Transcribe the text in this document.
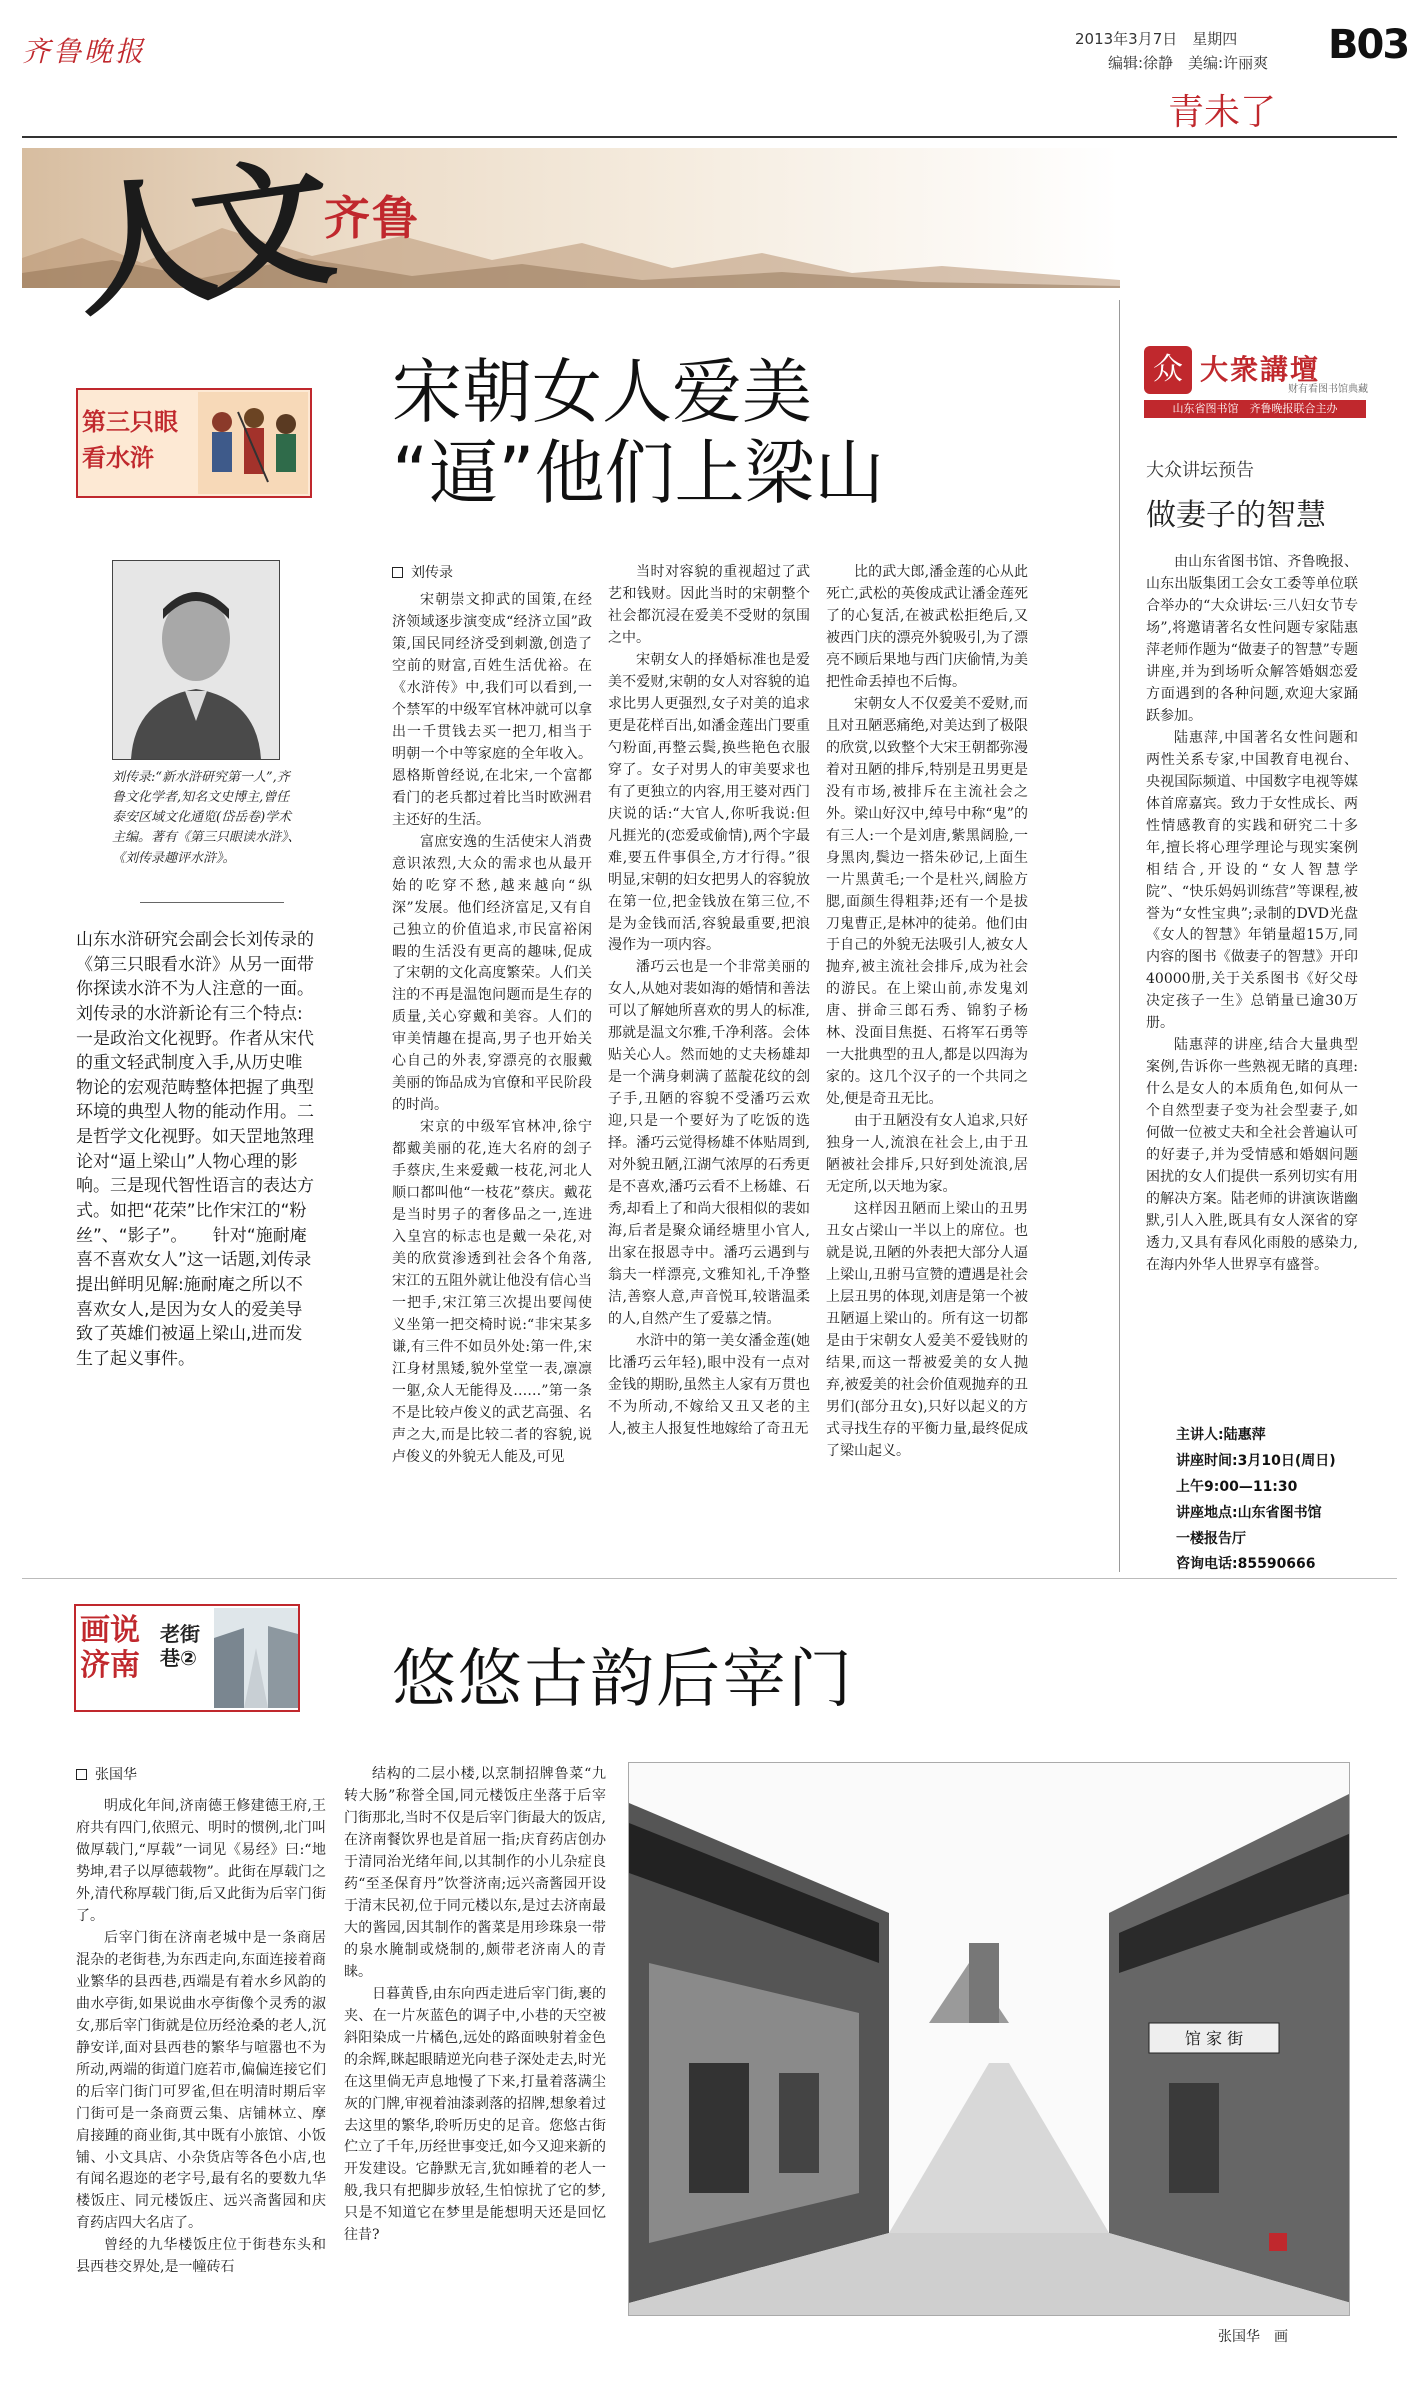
齐鲁晚报	2013年3月7日　星期四
编辑:徐静　美编:许丽爽 B03
青未了
人文 齐鲁
第三只眼
看水浒
刘传录:“新水浒研究第一人”,齐鲁文化学者,知名文史博主,曾任泰安区域文化通览(岱岳卷)学术主编。著有《第三只眼读水浒》、《刘传录趣评水浒》。
山东水浒研究会副会长刘传录的《第三只眼看水浒》从另一面带你探读水浒不为人注意的一面。刘传录的水浒新论有三个特点:一是政治文化视野。作者从宋代的重文轻武制度入手,从历史唯物论的宏观范畴整体把握了典型环境的典型人物的能动作用。二是哲学文化视野。如天罡地煞理论对“逼上梁山”人物心理的影响。三是现代智性语言的表达方式。如把“花荣”比作宋江的“粉丝”、“影子”。　　针对“施耐庵喜不喜欢女人”这一话题,刘传录提出鲜明见解:施耐庵之所以不喜欢女人,是因为女人的爱美导致了英雄们被逼上梁山,进而发生了起义事件。
宋朝女人爱美
“逼”他们上梁山
刘传录

宋朝崇文抑武的国策,在经济领域逐步演变成“经济立国”政策,国民同经济受到刺激,创造了空前的财富,百姓生活优裕。在《水浒传》中,我们可以看到,一个禁军的中级军官林冲就可以拿出一千贯钱去买一把刀,相当于明朝一个中等家庭的全年收入。恩格斯曾经说,在北宋,一个富都看门的老兵都过着比当时欧洲君主还好的生活。

富庶安逸的生活使宋人消费意识浓烈,大众的需求也从最开始的吃穿不愁,越来越向“纵深”发展。他们经济富足,又有自己独立的价值追求,市民富裕闲暇的生活没有更高的趣味,促成了宋朝的文化高度繁荣。人们关注的不再是温饱问题而是生存的质量,关心穿戴和美容。人们的审美情趣在提高,男子也开始关心自己的外表,穿漂亮的衣服戴美丽的饰品成为官僚和平民阶段的时尚。

宋京的中级军官林冲,徐宁都戴美丽的花,连大名府的刽子手蔡庆,生来爱戴一枝花,河北人顺口都叫他“一枝花”蔡庆。戴花是当时男子的奢侈品之一,连进入皇宫的标志也是戴一朵花,对美的欣赏渗透到社会各个角落,宋江的五阻外就让他没有信心当一把手,宋江第三次提出要闯使义坐第一把交椅时说:“非宋某多谦,有三件不如员外处:第一件,宋江身材黑矮,貌外堂堂一表,凛凛一躯,众人无能得及……”第一条不是比较卢俊义的武艺高强、名声之大,而是比较二者的容貌,说卢俊义的外貌无人能及,可见

当时对容貌的重视超过了武艺和钱财。因此当时的宋朝整个社会都沉浸在爱美不受财的氛围之中。

宋朝女人的择婚标准也是爱美不爱财,宋朝的女人对容貌的追求比男人更强烈,女子对美的追求更是花样百出,如潘金莲出门要重勺粉面,再整云鬓,换些艳色衣服穿了。女子对男人的审美要求也有了更独立的内容,用王婆对西门庆说的话:“大官人,你听我说:但凡捱光的(恋爱或偷情),两个字最难,要五件事俱全,方才行得。”很明显,宋朝的妇女把男人的容貌放在第一位,把金钱放在第三位,不是为金钱而活,容貌最重要,把浪漫作为一项内容。

潘巧云也是一个非常美丽的女人,从她对裴如海的婚情和善法可以了解她所喜欢的男人的标准,那就是温文尔雅,千净利落。会体贴关心人。然而她的丈夫杨雄却是一个满身刺满了蓝靛花纹的刽子手,丑陋的容貌不受潘巧云欢迎,只是一个要好为了吃饭的选择。潘巧云觉得杨雄不体贴周到,对外貌丑陋,江湖气浓厚的石秀更是不喜欢,潘巧云看不上杨雄、石秀,却看上了和尚大很相似的裴如海,后者是聚众诵经塘里小官人,出家在报恩寺中。潘巧云遇到与翁夫一样漂亮,文雅知礼,千净整洁,善察人意,声音悦耳,较谐温柔的人,自然产生了爱慕之情。

水浒中的第一美女潘金莲(她比潘巧云年轻),眼中没有一点对金钱的期盼,虽然主人家有万贯也不为所动,不嫁给又丑又老的主人,被主人报复性地嫁给了奇丑无

比的武大郎,潘金莲的心从此死亡,武松的英俊成武让潘金莲死了的心复活,在被武松拒绝后,又被西门庆的漂亮外貌吸引,为了漂亮不顾后果地与西门庆偷情,为美把性命丢掉也不后悔。

宋朝女人不仅爱美不爱财,而且对丑陋恶痛绝,对美达到了极限的欣赏,以致整个大宋王朝都弥漫着对丑陋的排斥,特别是丑男更是没有市场,被排斥在主流社会之外。梁山好汉中,绰号中称“鬼”的有三人:一个是刘唐,紫黑阔脸,一身黑肉,鬓边一搭朱砂记,上面生一片黑黄毛;一个是杜兴,阔脸方腮,面颜生得粗莽;还有一个是拔刀鬼曹正,是林冲的徒弟。他们由于自己的外貌无法吸引人,被女人抛弃,被主流社会排斥,成为社会的游民。在上梁山前,赤发鬼刘唐、拼命三郎石秀、锦豹子杨林、没面目焦挺、石将军石勇等一大批典型的丑人,都是以四海为家的。这几个汉子的一个共同之处,便是奇丑无比。

由于丑陋没有女人追求,只好独身一人,流浪在社会上,由于丑陋被社会排斥,只好到处流浪,居无定所,以天地为家。

这样因丑陋而上梁山的丑男丑女占梁山一半以上的席位。也就是说,丑陋的外表把大部分人逼上梁山,丑驸马宣赞的遭遇是社会上层丑男的体现,刘唐是第一个被丑陋逼上梁山的。所有这一切都是由于宋朝女人爱美不爱钱财的结果,而这一帮被爱美的女人抛弃,被爱美的社会价值观抛弃的丑男们(部分丑女),只好以起义的方式寻找生存的平衡力量,最终促成了梁山起义。

众 大衆講壇
财有看图书馆典藏
山东省图书馆　齐鲁晚报联合主办
大众讲坛预告
做妻子的智慧

由山东省图书馆、齐鲁晚报、山东出版集团工会女工委等单位联合举办的“大众讲坛·三八妇女节专场”,将邀请著名女性问题专家陆惠萍老师作题为“做妻子的智慧”专题讲座,并为到场听众解答婚姻恋爱方面遇到的各种问题,欢迎大家踊跃参加。

陆惠萍,中国著名女性问题和两性关系专家,中国教育电视台、央视国际频道、中国数字电视等媒体首席嘉宾。致力于女性成长、两性情感教育的实践和研究二十多年,擅长将心理学理论与现实案例相结合,开设的“女人智慧学院”、“快乐妈妈训练营”等课程,被誉为“女性宝典”;录制的DVD光盘《女人的智慧》年销量超15万,同内容的图书《做妻子的智慧》开印40000册,关于关系图书《好父母决定孩子一生》总销量已逾30万册。

陆惠萍的讲座,结合大量典型案例,告诉你一些熟视无睹的真理:什么是女人的本质角色,如何从一个自然型妻子变为社会型妻子,如何做一位被丈夫和全社会普遍认可的好妻子,并为受情感和婚姻问题困扰的女人们提供一系列切实有用的解决方案。陆老师的讲演诙谐幽默,引人入胜,既具有女人深省的穿透力,又具有春风化雨般的感染力,在海内外华人世界享有盛誉。

主讲人:陆惠萍
讲座时间:3月10日(周日)
上午9:00—11:30
讲座地点:山东省图书馆
一楼报告厅
咨询电话:85590666
画说
济南
老街
巷②	悠悠古韵后宰门
张国华

明成化年间,济南德王修建德王府,王府共有四门,依照元、明时的惯例,北门叫做厚载门,“厚载”一词见《易经》曰:“地势坤,君子以厚德载物”。此街在厚载门之外,清代称厚载门街,后又此街为后宰门街了。

后宰门街在济南老城中是一条商居混杂的老街巷,为东西走向,东面连接着商业繁华的县西巷,西端是有着水乡风韵的曲水亭街,如果说曲水亭街像个灵秀的淑女,那后宰门街就是位历经沧桑的老人,沉静安详,面对县西巷的繁华与喧嚣也不为所动,两端的街道门庭若市,偏偏连接它们的后宰门街门可罗雀,但在明清时期后宰门街可是一条商贾云集、店铺林立、摩肩接踵的商业街,其中既有小旅馆、小饭铺、小文具店、小杂货店等各色小店,也有闻名遐迩的老字号,最有名的要数九华楼饭庄、同元楼饭庄、远兴斋酱园和庆育药店四大名店了。

曾经的九华楼饭庄位于街巷东头和县西巷交界处,是一幢砖石

结构的二层小楼,以烹制招牌鲁菜“九转大肠”称誉全国,同元楼饭庄坐落于后宰门街那北,当时不仅是后宰门街最大的饭店,在济南餐饮界也是首屈一指;庆育药店创办于清同治光绪年间,以其制作的小儿杂症良药“至圣保育丹”饮誉济南;远兴斋酱园开设于清末民初,位于同元楼以东,是过去济南最大的酱园,因其制作的酱菜是用珍珠泉一带的泉水腌制或烧制的,颇带老济南人的青睐。

日暮黄昏,由东向西走进后宰门街,裹的夹、在一片灰蓝色的调子中,小巷的天空被斜阳染成一片橘色,远处的路面映射着金色的余辉,眯起眼睛逆光向巷子深处走去,时光在这里倘无声息地慢了下来,打量着落满尘灰的门牌,审视着油漆剥落的招牌,想象着过去这里的繁华,聆听历史的足音。您悠古街伫立了千年,历经世事变迁,如今又迎来新的开发建设。它静默无言,犹如睡着的老人一般,我只有把脚步放轻,生怕惊扰了它的梦,只是不知道它在梦里是能想明天还是回忆往昔?

馆 家 街
张国华　画
